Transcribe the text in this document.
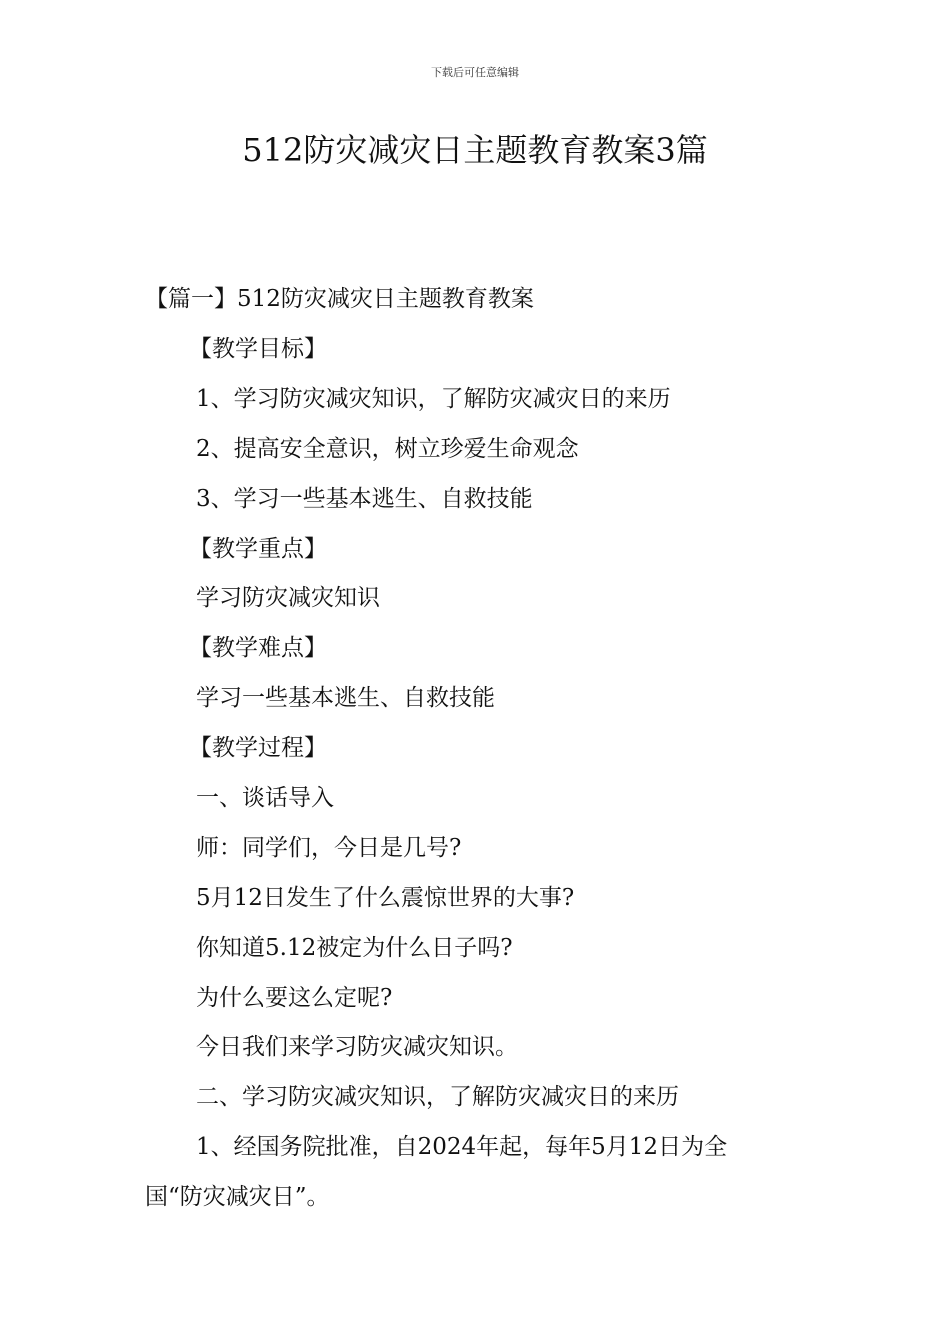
下载后可任意编辑
512防灾减灾日主题教育教案3篇
【篇一】512防灾减灾日主题教育教案
【教学目标】
1、学习防灾减灾知识，了解防灾减灾日的来历
2、提高安全意识，树立珍爱生命观念
3、学习一些基本逃生、自救技能
【教学重点】
学习防灾减灾知识
【教学难点】
学习一些基本逃生、自救技能
【教学过程】
一、谈话导入
师：同学们，今日是几号?
5月12日发生了什么震惊世界的大事?
你知道5.12被定为什么日子吗?
为什么要这么定呢?
今日我们来学习防灾减灾知识。
二、学习防灾减灾知识，了解防灾减灾日的来历
1、经国务院批准，自2024年起，每年5月12日为全
国“防灾减灾日”。
